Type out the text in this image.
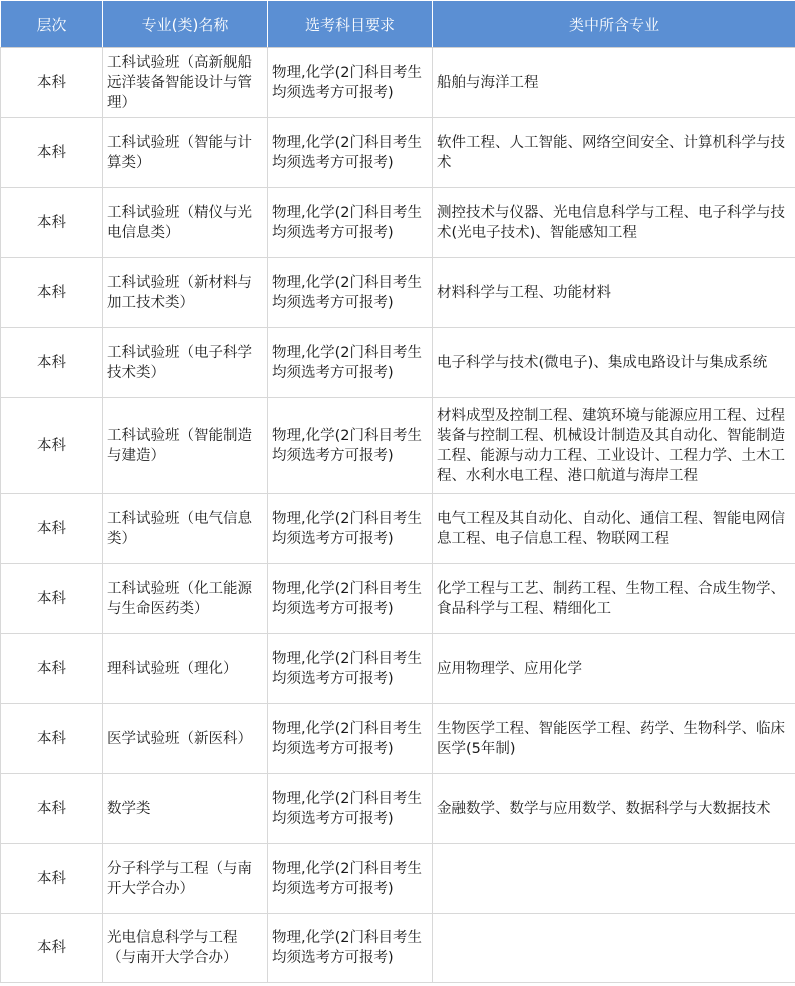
层次	专业(类)名称	选考科目要求	类中所含专业
本科	工科试验班（高新舰船远洋装备智能设计与管理）	物理,化学(2门科目考生均须选考方可报考)	船舶与海洋工程
本科	工科试验班（智能与计算类）	物理,化学(2门科目考生均须选考方可报考)	软件工程、人工智能、网络空间安全、计算机科学与技术
本科	工科试验班（精仪与光电信息类）	物理,化学(2门科目考生均须选考方可报考)	测控技术与仪器、光电信息科学与工程、电子科学与技术(光电子技术)、智能感知工程
本科	工科试验班（新材料与加工技术类）	物理,化学(2门科目考生均须选考方可报考)	材料科学与工程、功能材料
本科	工科试验班（电子科学技术类）	物理,化学(2门科目考生均须选考方可报考)	电子科学与技术(微电子)、集成电路设计与集成系统
本科	工科试验班（智能制造与建造）	物理,化学(2门科目考生均须选考方可报考)	材料成型及控制工程、建筑环境与能源应用工程、过程装备与控制工程、机械设计制造及其自动化、智能制造工程、能源与动力工程、工业设计、工程力学、土木工程、水利水电工程、港口航道与海岸工程

本科	工科试验班（电气信息类）	物理,化学(2门科目考生均须选考方可报考)	电气工程及其自动化、自动化、通信工程、智能电网信息工程、电子信息工程、物联网工程
本科	工科试验班（化工能源与生命医药类）	物理,化学(2门科目考生均须选考方可报考)	化学工程与工艺、制药工程、生物工程、合成生物学、食品科学与工程、精细化工
本科	理科试验班（理化）	物理,化学(2门科目考生均须选考方可报考)	应用物理学、应用化学
本科	医学试验班（新医科）	物理,化学(2门科目考生均须选考方可报考)	生物医学工程、智能医学工程、药学、生物科学、临床医学(5年制)
本科	数学类	物理,化学(2门科目考生均须选考方可报考)	金融数学、数学与应用数学、数据科学与大数据技术
本科	分子科学与工程（与南开大学合办）	物理,化学(2门科目考生均须选考方可报考)	
本科	光电信息科学与工程（与南开大学合办）	物理,化学(2门科目考生均须选考方可报考)	
